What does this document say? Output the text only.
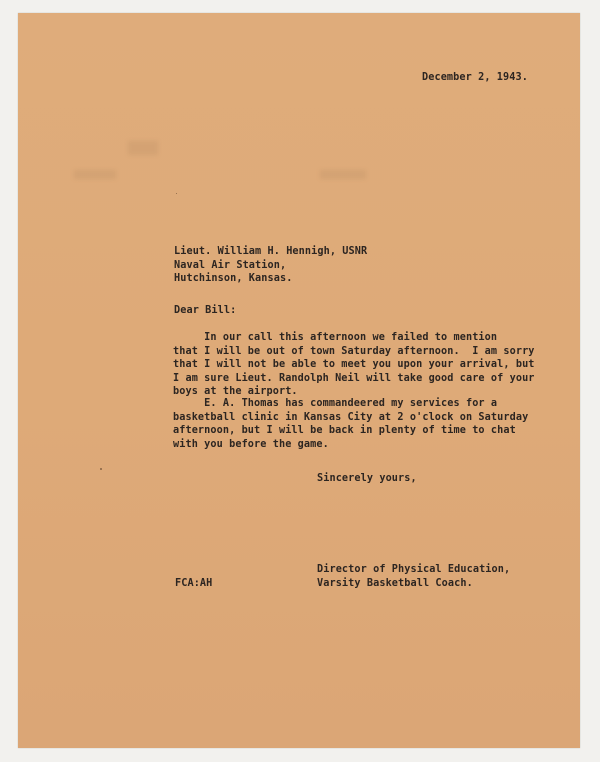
December 2, 1943.
Lieut. William H. Hennigh, USNR
Naval Air Station,
Hutchinson, Kansas.
Dear Bill:
In our call this afternoon we failed to mention
that I will be out of town Saturday afternoon.  I am sorry
that I will not be able to meet you upon your arrival, but
I am sure Lieut. Randolph Neil will take good care of your
boys at the airport.
E. A. Thomas has commandeered my services for a
basketball clinic in Kansas City at 2 o'clock on Saturday
afternoon, but I will be back in plenty of time to chat
with you before the game.
Sincerely yours,
Director of Physical Education,
Varsity Basketball Coach.
FCA:AH
